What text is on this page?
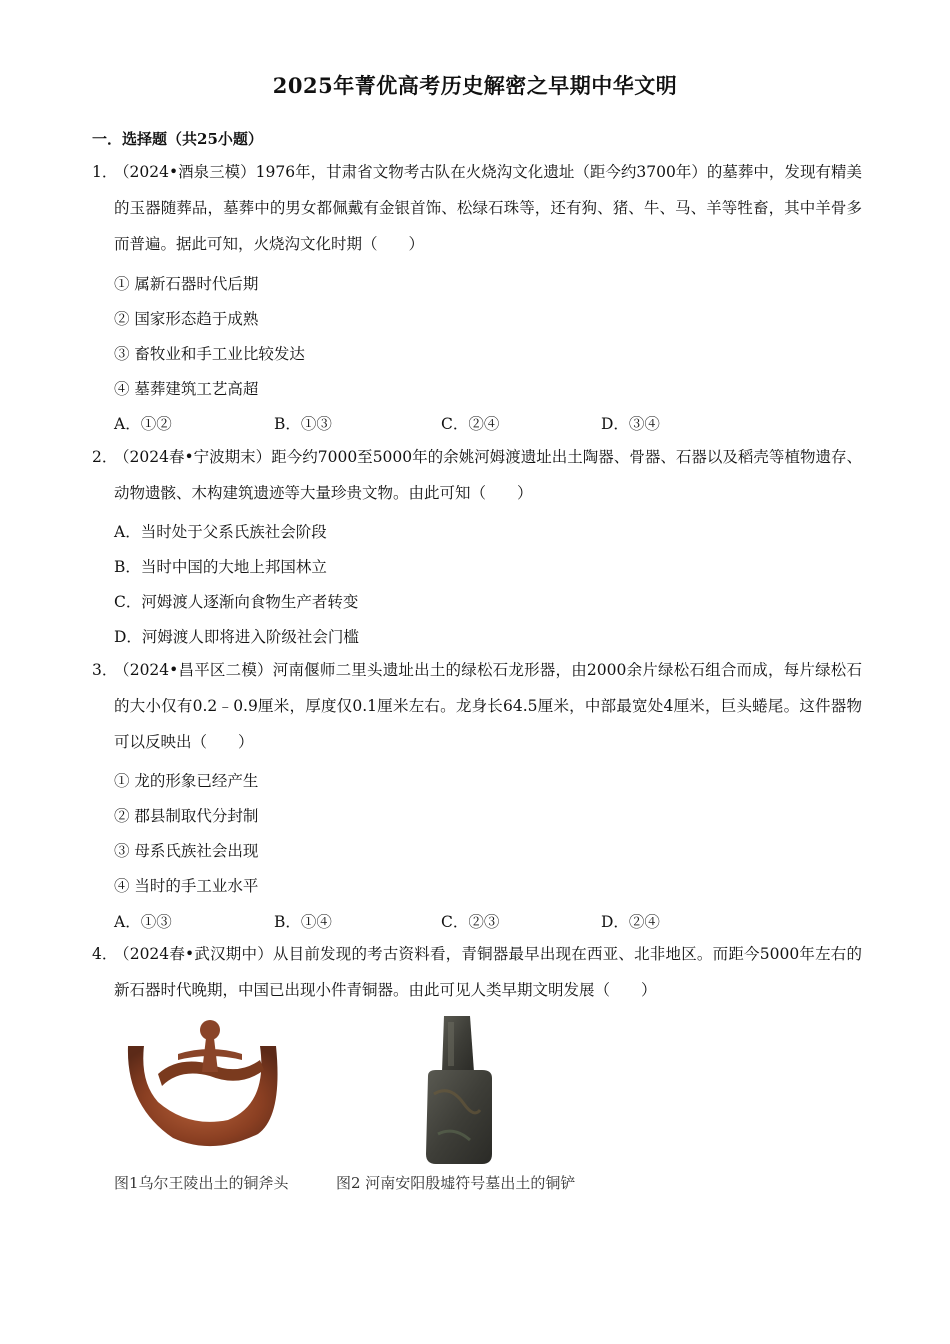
2025年菁优高考历史解密之早期中华文明
一．选择题（共25小题）
1．
（2024•酒泉三模）1976年，甘肃省文物考古队在火烧沟文化遗址（距今约3700年）的墓葬中，发现有精美的玉器随葬品，墓葬中的男女都佩戴有金银首饰、松绿石珠等，还有狗、猪、牛、马、羊等牲畜，其中羊骨多而普遍。据此可知，火烧沟文化时期（　　）
① 属新石器时代后期
② 国家形态趋于成熟
③ 畜牧业和手工业比较发达
④ 墓葬建筑工艺高超
A．①②	B．①③	C．②④	D．③④
2．
（2024春•宁波期末）距今约7000至5000年的余姚河姆渡遗址出土陶器、骨器、石器以及稻壳等植物遗存、动物遗骸、木构建筑遗迹等大量珍贵文物。由此可知（　　）
A．当时处于父系氏族社会阶段
B．当时中国的大地上邦国林立
C．河姆渡人逐渐向食物生产者转变
D．河姆渡人即将进入阶级社会门槛
3．
（2024•昌平区二模）河南偃师二里头遗址出土的绿松石龙形器，由2000余片绿松石组合而成，每片绿松石的大小仅有0.2﹣0.9厘米，厚度仅0.1厘米左右。龙身长64.5厘米，中部最宽处4厘米，巨头蜷尾。这件器物可以反映出（　　）
① 龙的形象已经产生
② 郡县制取代分封制
③ 母系氏族社会出现
④ 当时的手工业水平
A．①③	B．①④	C．②③	D．②④
4．
（2024春•武汉期中）从目前发现的考古资料看，青铜器最早出现在西亚、北非地区。而距今5000年左右的新石器时代晚期，中国已出现小件青铜器。由此可见人类早期文明发展（　　）
图1乌尔王陵出土的铜斧头	图2 河南安阳殷墟符号墓出土的铜铲
